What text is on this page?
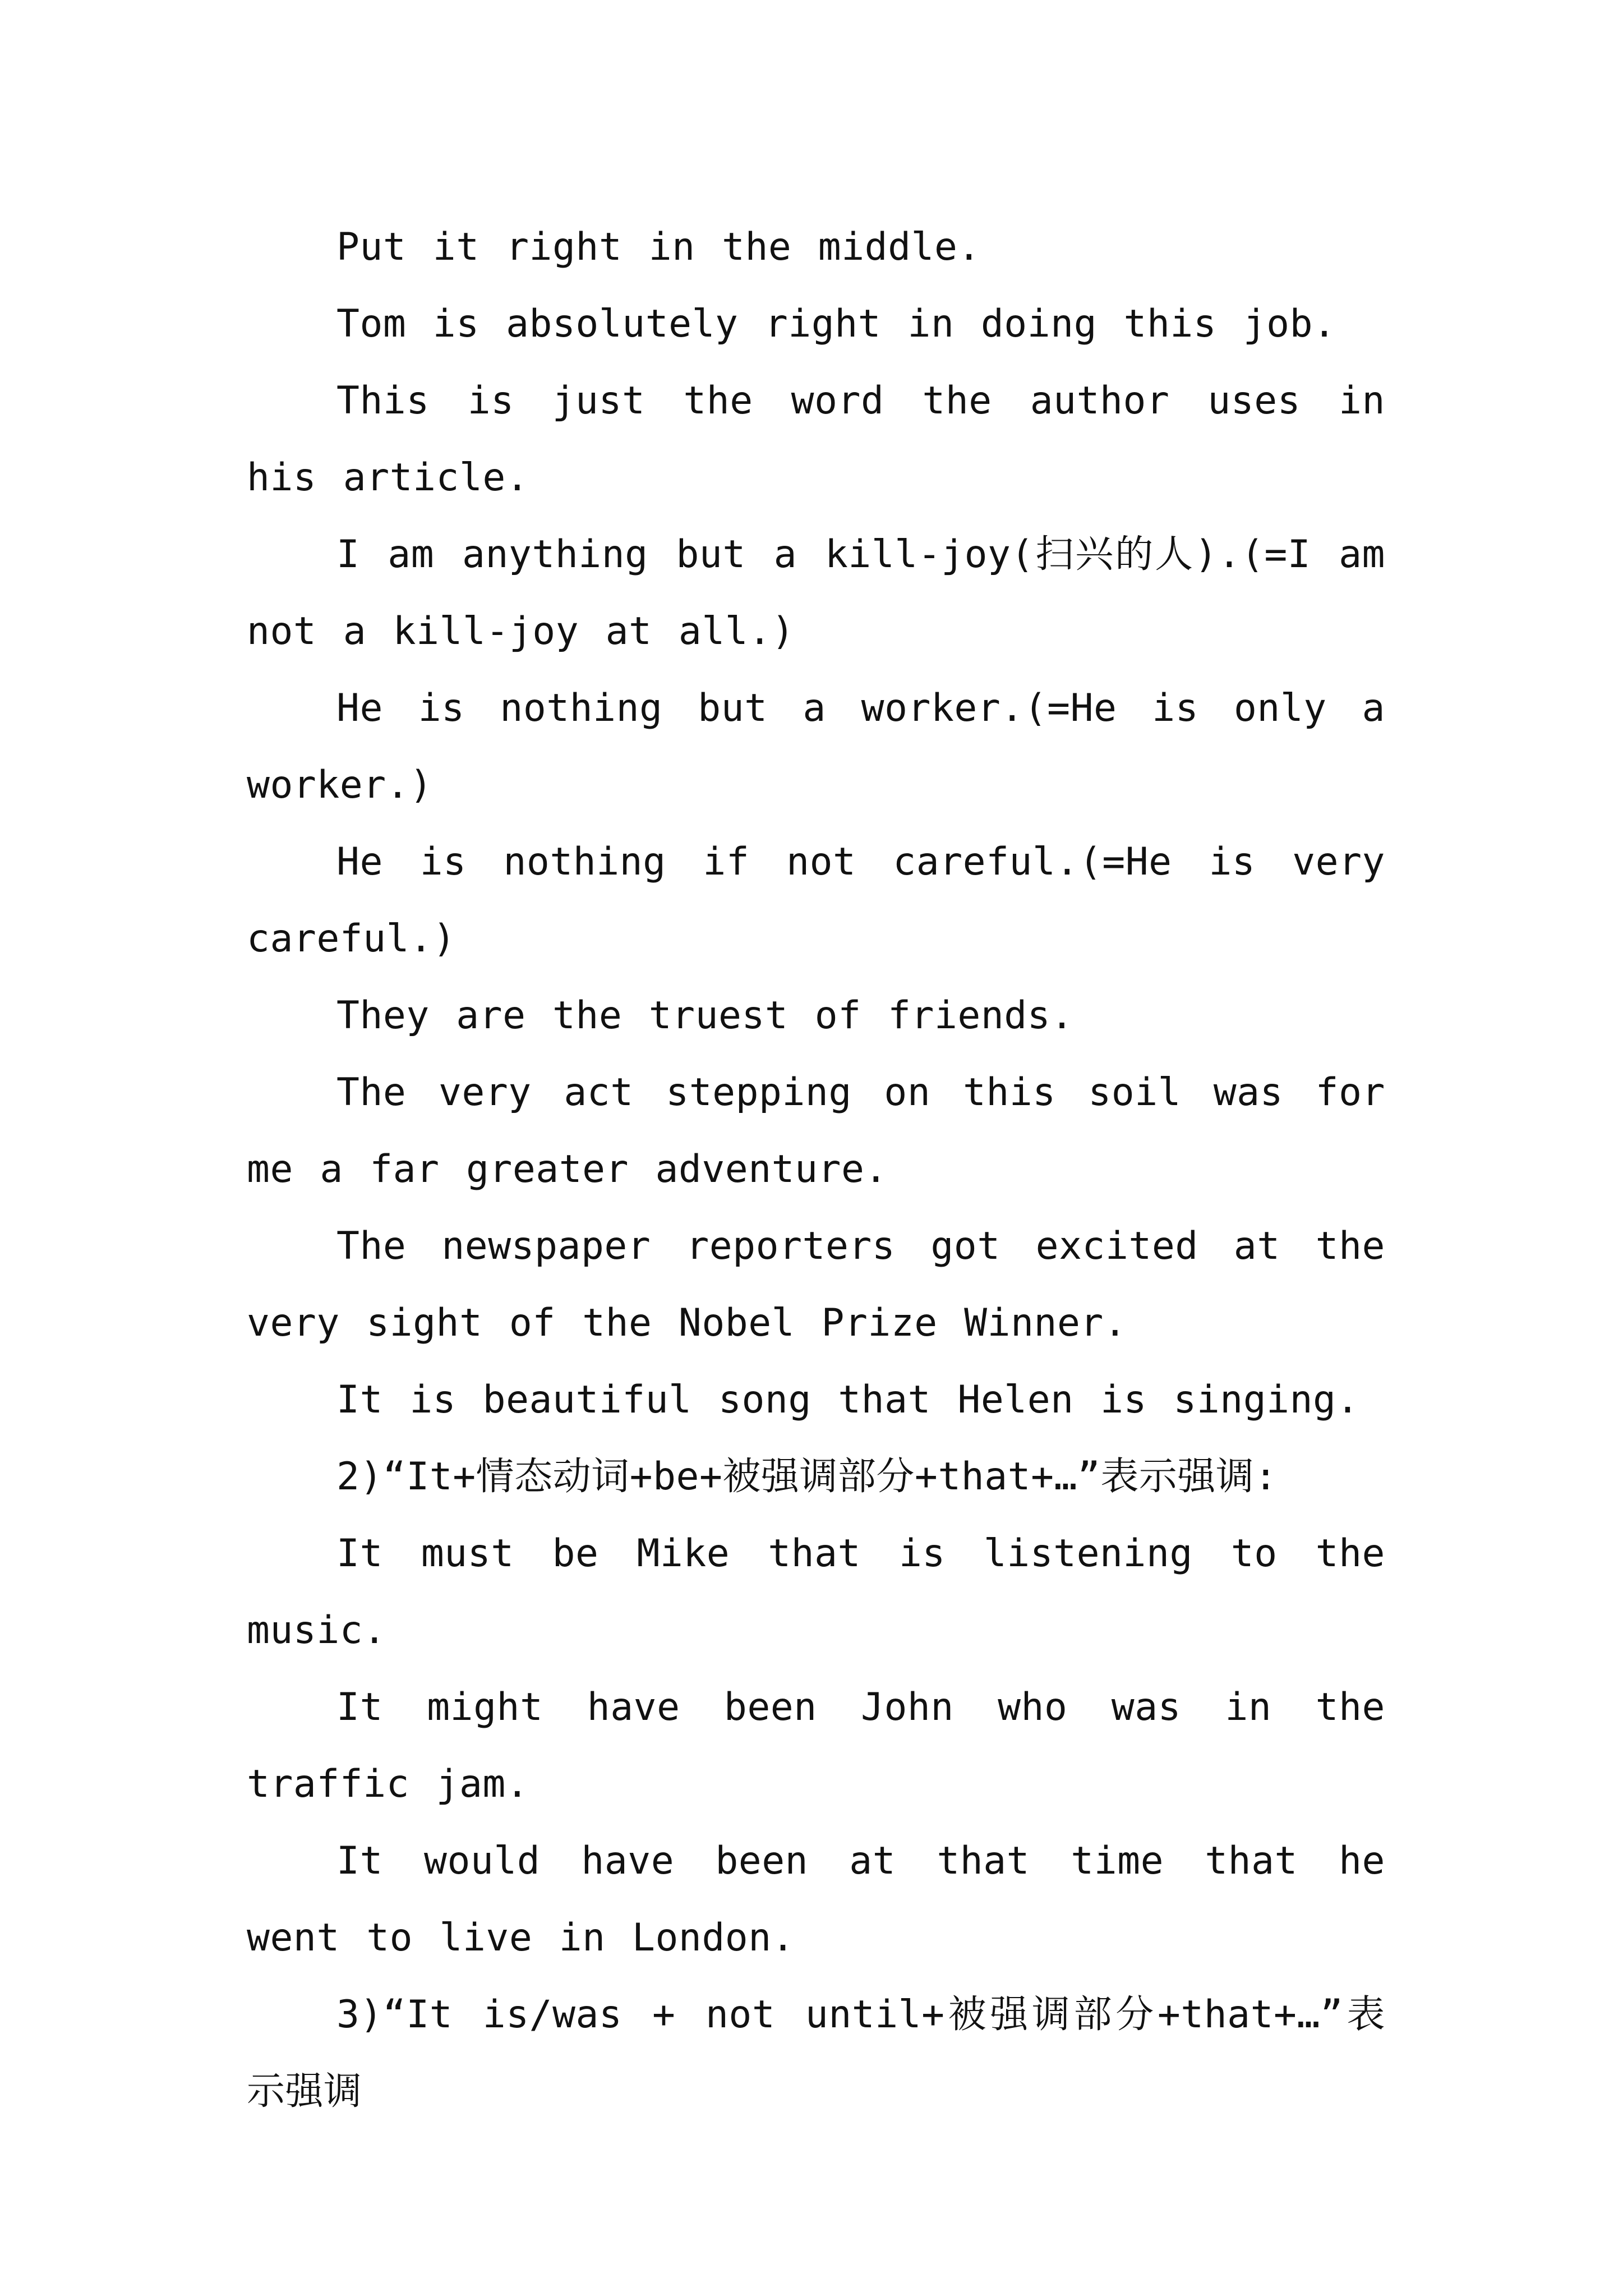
Put it right in the middle.

Tom is absolutely right in doing this job.

This is just the word the author uses in his article.

I am anything but a kill-joy(扫兴的人).(=I am not a kill-joy at all.)

He is nothing but a worker.(=He is only a worker.)

He is nothing if not careful.(=He is very careful.)

They are the truest of friends.

The very act stepping on this soil was for me a far greater adventure.

The newspaper reporters got excited at the very sight of the Nobel Prize Winner.

It is beautiful song that Helen is singing.

2)“It+情态动词+be+被强调部分+that+…”表示强调:

It must be Mike that is listening to the music.

It might have been John who was in the traffic jam.

It would have been at that time that he went to live in London.

3)“It is/was + not until+被强调部分+that+…”表示强调
